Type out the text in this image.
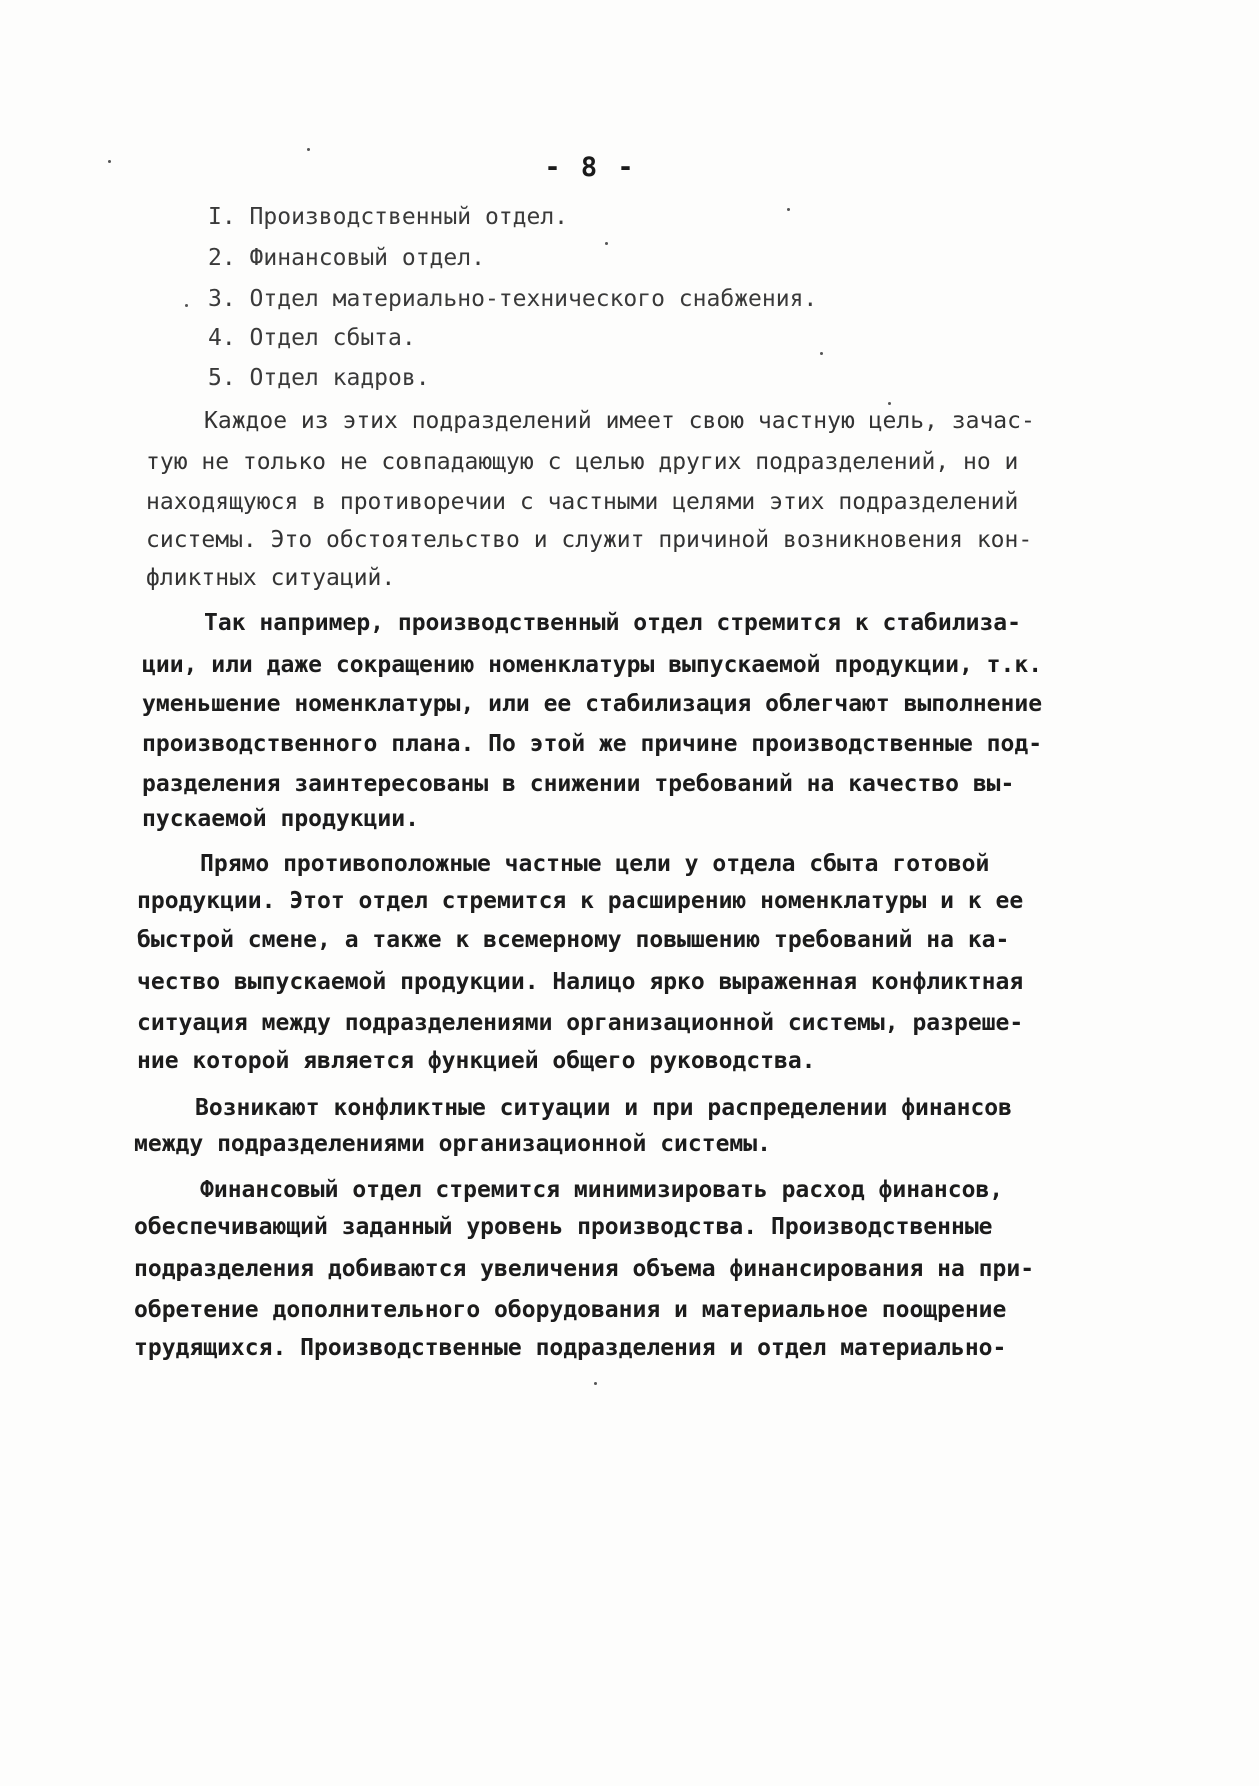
- 8 -
I. Производственный отдел.
2. Финансовый отдел.
3. Отдел материально-технического снабжения.
4. Отдел сбыта.
5. Отдел кадров.
Каждое из этих подразделений имеет свою частную цель, зачас-
тую не только не совпадающую с целью других подразделений, но и
находящуюся в противоречии с частными целями этих подразделений
системы. Это обстоятельство и служит причиной возникновения кон-
фликтных ситуаций.
Так например, производственный отдел стремится к стабилиза-
ции, или даже сокращению номенклатуры выпускаемой продукции, т.к.
уменьшение номенклатуры, или ее стабилизация облегчают выполнение
производственного плана. По этой же причине производственные под-
разделения заинтересованы в снижении требований на качество вы-
пускаемой продукции.
Прямо противоположные частные цели у отдела сбыта готовой
продукции. Этот отдел стремится к расширению номенклатуры и к ее
быстрой смене, а также к всемерному повышению требований на ка-
чество выпускаемой продукции. Налицо ярко выраженная конфликтная
ситуация между подразделениями организационной системы, разреше-
ние которой является функцией общего руководства.
Возникают конфликтные ситуации и при распределении финансов
между подразделениями организационной системы.
Финансовый отдел стремится минимизировать расход финансов,
обеспечивающий заданный уровень производства. Производственные
подразделения добиваются увеличения объема финансирования на при-
обретение дополнительного оборудования и материальное поощрение
трудящихся. Производственные подразделения и отдел материально-
